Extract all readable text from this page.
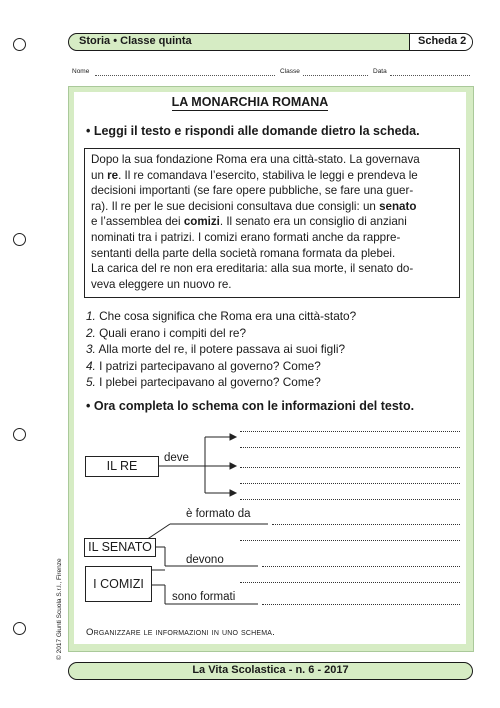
Storia • Classe quinta	Scheda 2
Nome	Classe	Data
LA MONARCHIA ROMANA
• Leggi il testo e rispondi alle domande dietro la scheda.

Dopo la sua fondazione Roma era una città-stato. La governava

un re. Il re comandava l’esercito, stabiliva le leggi e prendeva le

decisioni importanti (se fare opere pubbliche, se fare una guer-

ra). Il re per le sue decisioni consultava due consigli: un senato

e l’assemblea dei comizi. Il senato era un consiglio di anziani

nominati tra i patrizi. I comizi erano formati anche da rappre-

sentanti della parte della società romana formata da plebei.

La carica del re non era ereditaria: alla sua morte, il senato do-

veva eleggere un nuovo re.

1. Che cosa significa che Roma era una città-stato?
2. Quali erano i compiti del re?
3. Alla morte del re, il potere passava ai suoi figli?
4. I patrizi partecipavano al governo? Come?
5. I plebei partecipavano al governo? Come?
• Ora completa lo schema con le informazioni del testo.
IL RE
deve
IL SENATO
è formato da
I COMIZI
devono
sono formati
Organizzare le informazioni in uno schema.
© 2017 Giunti Scuola S.r.l., Firenze
La Vita Scolastica - n. 6 - 2017
